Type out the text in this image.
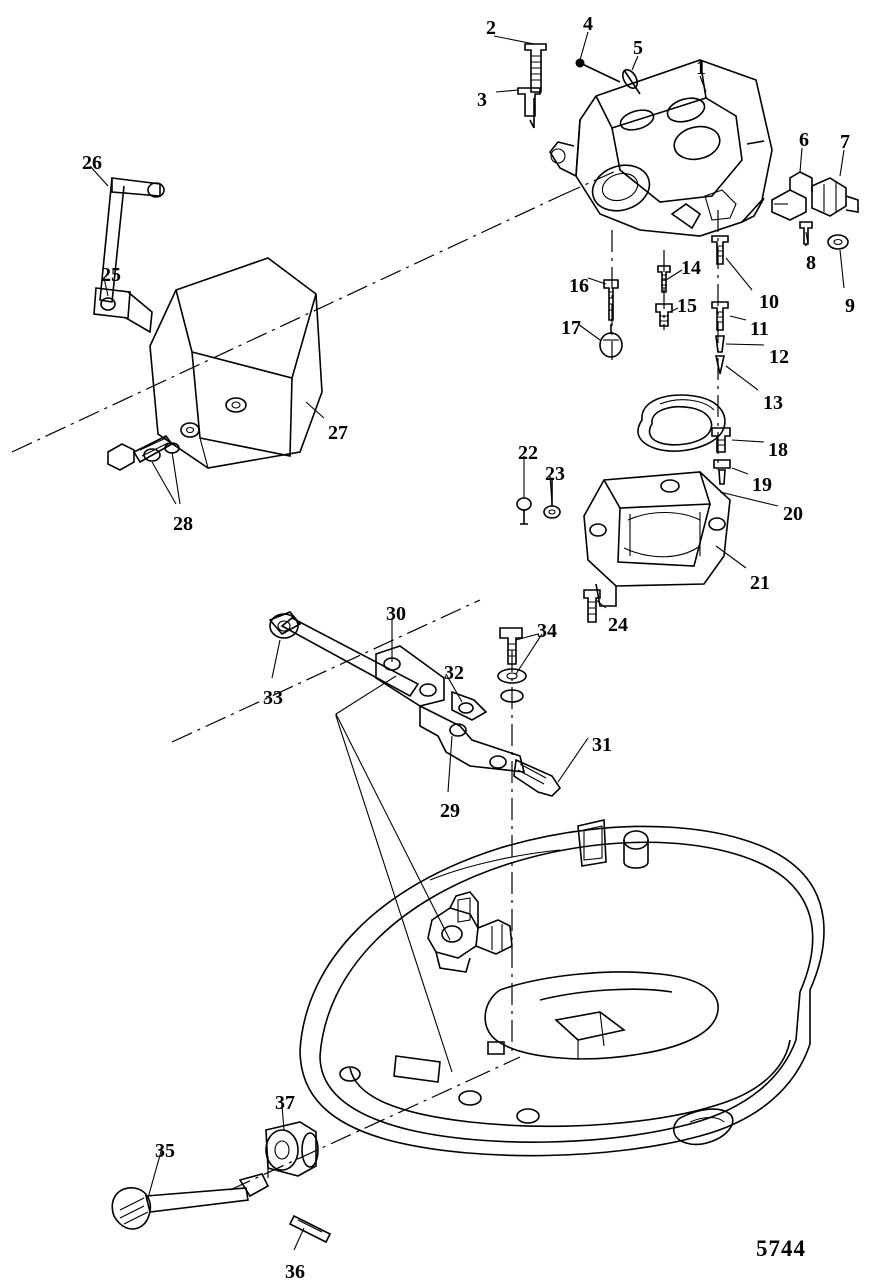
1
2
3
4
5
6 7
8
9
10
11
12
13
14
15
16
17
18
19
20
21
22
23
24
25
26
27
28
29
30
31
32
33
34
35
36
37
5744
